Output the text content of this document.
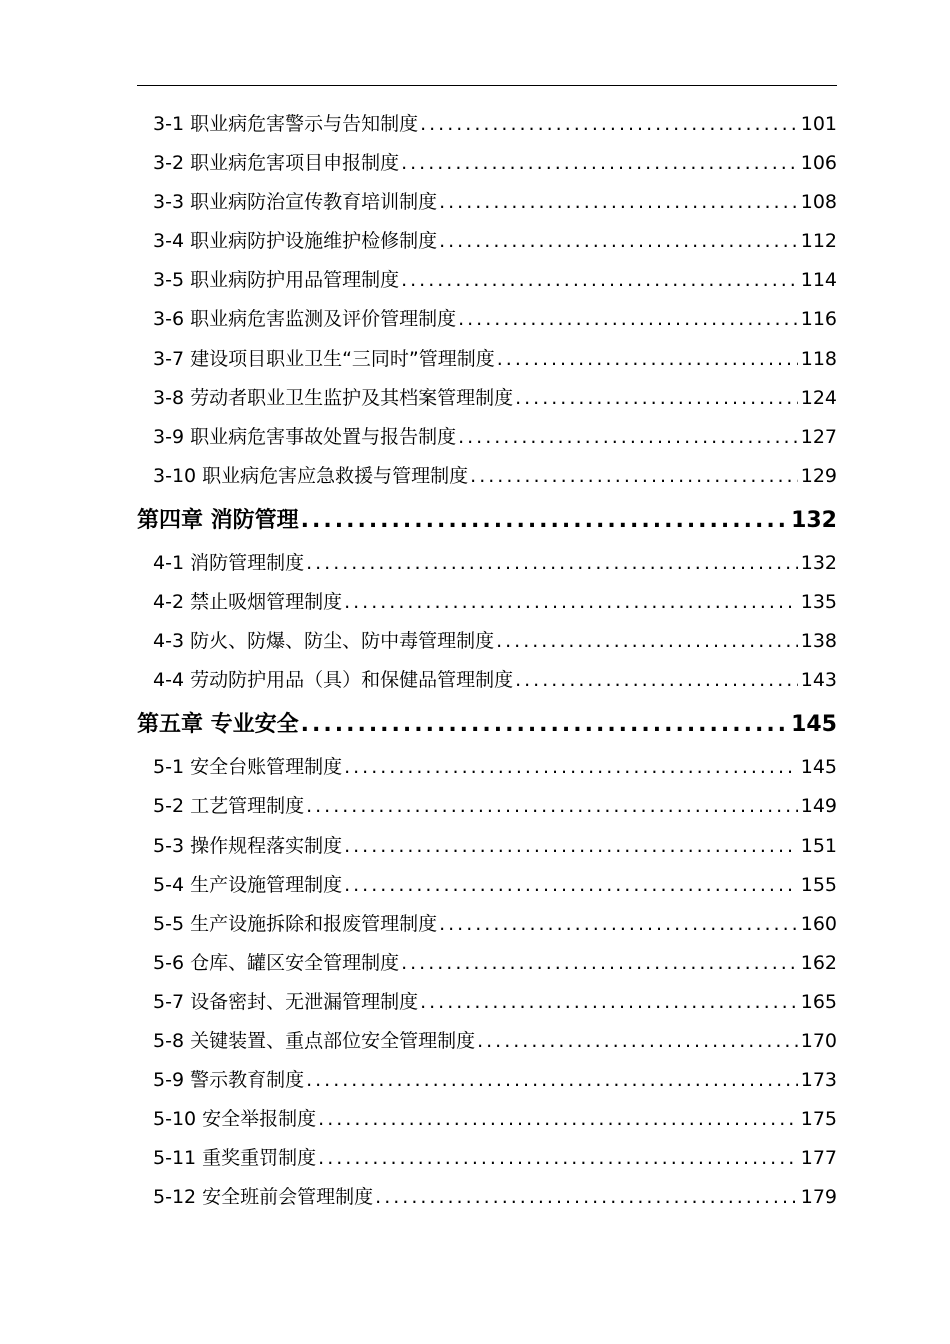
3-1 职业病危害警示与告知制度 .....	101
3-2 职业病危害项目申报制度 .....	106
3-3 职业病防治宣传教育培训制度 .....	108
3-4 职业病防护设施维护检修制度 .....	112
3-5 职业病防护用品管理制度 .....	114
3-6 职业病危害监测及评价管理制度 .....	116
3-7 建设项目职业卫生“三同时”管理制度 .....	118
3-8 劳动者职业卫生监护及其档案管理制度 .....	124
3-9 职业病危害事故处置与报告制度 .....	127
3-10 职业病危害应急救援与管理制度 .....	129
第四章 消防管理 .....	132
4-1 消防管理制度 .....	132
4-2 禁止吸烟管理制度 .....	135
4-3 防火、防爆、防尘、防中毒管理制度 .....	138
4-4 劳动防护用品（具）和保健品管理制度 .....	143
第五章 专业安全 .....	145
5-1 安全台账管理制度 .....	145
5-2 工艺管理制度 .....	149
5-3 操作规程落实制度 .....	151
5-4 生产设施管理制度 .....	155
5-5 生产设施拆除和报废管理制度 .....	160
5-6 仓库、罐区安全管理制度 .....	162
5-7 设备密封、无泄漏管理制度 .....	165
5-8 关键装置、重点部位安全管理制度 .....	170
5-9 警示教育制度 .....	173
5-10 安全举报制度 .....	175
5-11 重奖重罚制度 .....	177
5-12 安全班前会管理制度 .....	179
